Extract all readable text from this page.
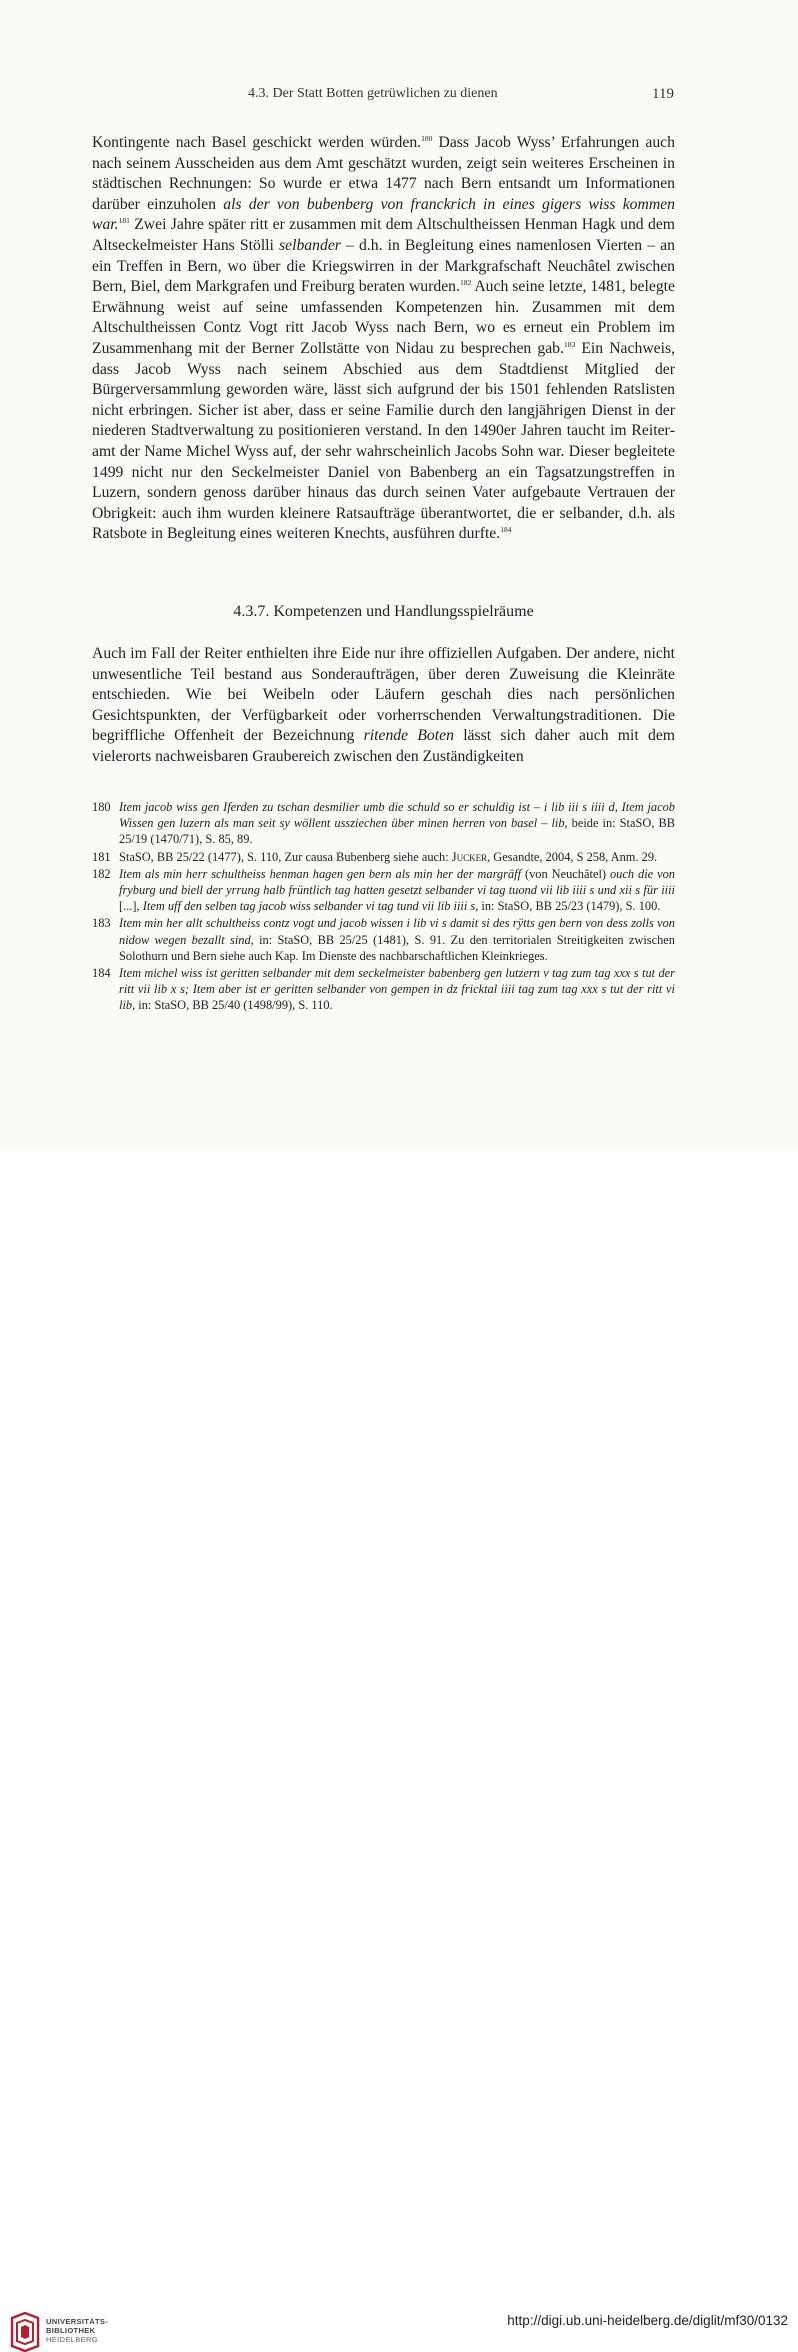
4.3. Der Statt Botten getrüwlichen zu dienen	119

Kontingente nach Basel geschickt werden würden.$^{180}$ Dass Jacob Wyss’ Erfahrungen auch nach seinem Ausscheiden aus dem Amt geschätzt wurden, zeigt sein weiteres Erscheinen in städtischen Rechnungen: So wurde er etwa 1477 nach Bern entsandt um Informationen darüber einzuholen als der von bubenberg von franckrich in eines gigers wiss kommen war.$^{181}$ Zwei Jahre später ritt er zusammen mit dem Altschultheissen Henman Hagk und dem Altseckelmeister Hans Stölli selbander – d.h. in Begleitung eines namenlosen Vierten – an ein Treffen in Bern, wo über die Kriegswirren in der Markgrafschaft Neuchâtel zwischen Bern, Biel, dem Markgrafen und Freiburg beraten wurden.$^{182}$ Auch seine letzte, 1481, belegte Erwähnung weist auf seine umfassenden Kompetenzen hin. Zusammen mit dem Altschultheissen Contz Vogt ritt Jacob Wyss nach Bern, wo es erneut ein Problem im Zusammenhang mit der Berner Zollstätte von Nidau zu besprechen gab.$^{183}$ Ein Nachweis, dass Jacob Wyss nach seinem Abschied aus dem Stadtdienst Mitglied der Bürgerversammlung geworden wäre, lässt sich aufgrund der bis 1501 fehlenden Ratslisten nicht erbringen. Sicher ist aber, dass er seine Familie durch den langjährigen Dienst in der niederen Stadtverwaltung zu positionieren verstand. In den 1490er Jahren taucht im Reiteramt der Name Michel Wyss auf, der sehr wahrscheinlich Jacobs Sohn war. Dieser begleitete 1499 nicht nur den Seckelmeister Daniel von Babenberg an ein Tagsatzungstreffen in Luzern, sondern genoss darüber hinaus das durch seinen Vater aufgebaute Vertrauen der Obrigkeit: auch ihm wurden kleinere Ratsaufträge überantwortet, die er selbander, d.h. als Ratsbote in Begleitung eines weiteren Knechts, ausführen durfte.$^{184}$

4.3.7. Kompetenzen und Handlungsspielräume

Auch im Fall der Reiter enthielten ihre Eide nur ihre offiziellen Aufgaben. Der andere, nicht unwesentliche Teil bestand aus Sonderaufträgen, über deren Zuweisung die Kleinräte entschieden. Wie bei Weibeln oder Läufern geschah dies nach persönlichen Gesichtspunkten, der Verfügbarkeit oder vorherrschenden Verwaltungstraditionen. Die begriffliche Offenheit der Bezeichnung ritende Boten lässt sich daher auch mit dem vielerorts nachweisbaren Graubereich zwischen den Zuständigkeiten

180 Item jacob wiss gen Iferden zu tschan desmilier umb die schuld so er schuldig ist – i lib iii s iiii d, Item jacob Wissen gen luzern als man seit sy wöllent ussziechen über minen herren von basel – lib, beide in: StaSO, BB 25/19 (1470/71), S. 85, 89.
181 StaSO, BB 25/22 (1477), S. 110, Zur causa Bubenberg siehe auch: Jucker, Gesandte, 2004, S 258, Anm. 29.
182 Item als min herr schultheiss henman hagen gen bern als min her der margräff (von Neuchâtel) ouch die von fryburg und biell der yrrung halb früntlich tag hatten gesetzt selbander vi tag tuond vii lib iiii s und xii s für iiii [...], Item uff den selben tag jacob wiss selbander vi tag tund vii lib iiii s, in: StaSO, BB 25/23 (1479), S. 100.
183 Item min her allt schultheiss contz vogt und jacob wissen i lib vi s damit si des rÿtts gen bern von dess zolls von nidow wegen bezallt sind, in: StaSO, BB 25/25 (1481), S. 91. Zu den territorialen Streitigkeiten zwischen Solothurn und Bern siehe auch Kap. Im Dienste des nachbarschaftlichen Kleinkrieges.
184 Item michel wiss ist geritten selbander mit dem seckelmeister babenberg gen lutzern v tag zum tag xxx s tut der ritt vii lib x s; Item aber ist er geritten selbander von gempen in dz fricktal iiii tag zum tag xxx s tut der ritt vi lib, in: StaSO, BB 25/40 (1498/99), S. 110.
UNIVERSITÄTS-
BIBLIOTHEK
HEIDELBERG
http://digi.ub.uni-heidelberg.de/diglit/mf30/0132
